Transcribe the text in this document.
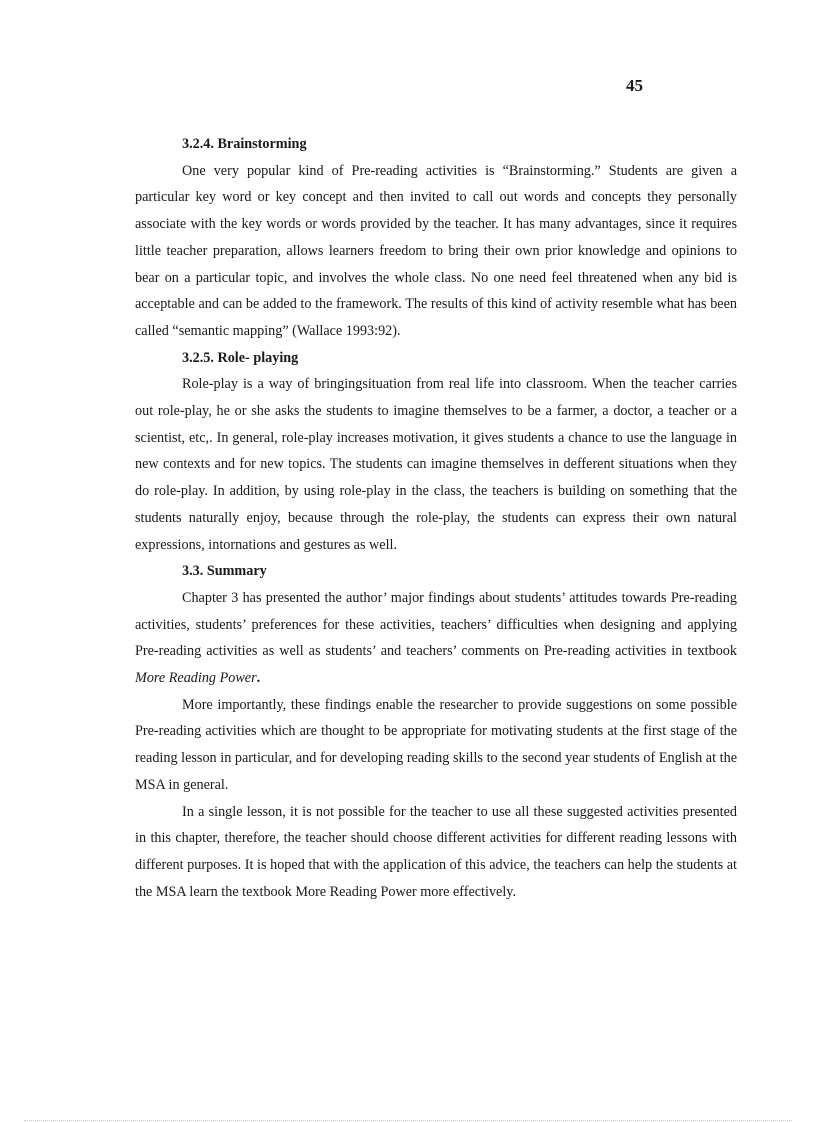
45

3.2.4. Brainstorming

One very popular kind of Pre-reading activities is “Brainstorming.” Students are given a particular key word or key concept and then invited to call out words and concepts they personally associate with the key words or words provided by the teacher. It has many advantages, since it requires little teacher preparation, allows learners freedom to bring their own prior knowledge and opinions to bear on a particular topic, and involves the whole class. No one need feel threatened when any bid is acceptable and can be added to the framework. The results of this kind of activity resemble what has been called “semantic mapping” (Wallace 1993:92).

3.2.5. Role- playing

Role-play is a way of bringingsituation from real life into classroom. When the teacher carries out role-play, he or she asks the students to imagine themselves to be a farmer, a doctor, a teacher or a scientist, etc,. In general, role-play increases motivation, it gives students a chance to use the language in new contexts and for new topics. The students can imagine themselves in defferent situations when they do role-play. In addition, by using role-play in the class, the teachers is building on something that the students naturally enjoy, because through the role-play, the students can express their own natural expressions, intornations and gestures as well.

3.3. Summary

Chapter 3 has presented the author’ major findings about students’ attitudes towards Pre-reading activities, students’ preferences for these activities, teachers’ difficulties when designing and applying Pre-reading activities as well as students’ and teachers’ comments on Pre-reading activities in textbook More Reading Power.

More importantly, these findings enable the researcher to provide suggestions on some possible Pre-reading activities which are thought to be appropriate for motivating students at the first stage of the reading lesson in particular, and for developing reading skills to the second year students of English at the MSA in general.

In a single lesson, it is not possible for the teacher to use all these suggested activities presented in this chapter, therefore, the teacher should choose different activities for different reading lessons with different purposes. It is hoped that with the application of this advice, the teachers can help the students at the MSA learn the textbook More Reading Power more effectively.
